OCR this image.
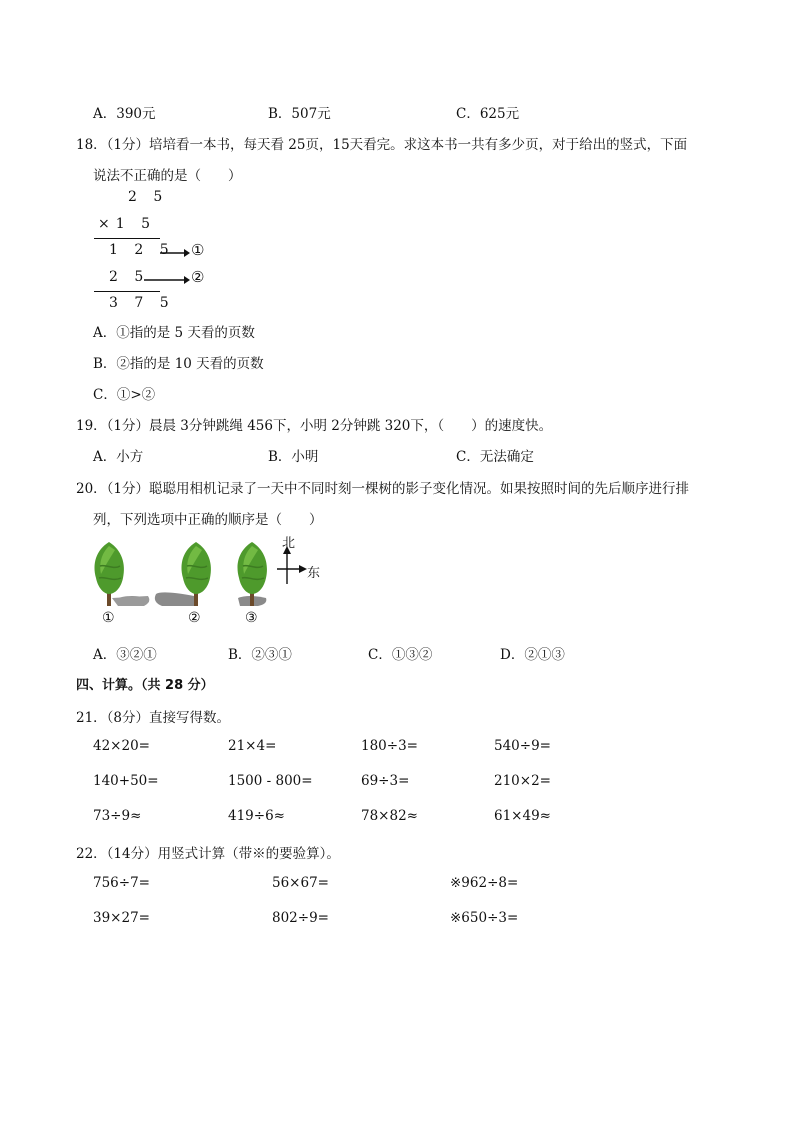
A．390元	B．507元	C．625元
18．（1分）培培看一本书，每天看 25页，15天看完。求这本书一共有多少页，对于给出的竖式，下面
说法不正确的是（　　）
2 5
×1 5
1 2 5 ①
2 5	②
3 7 5
A．①指的是 5 天看的页数
B．②指的是 10 天看的页数
C．①>②
19．（1分）晨晨 3分钟跳绳 456下，小明 2分钟跳 320下，（　　）的速度快。
A．小方	B．小明	C．无法确定
20．（1分）聪聪用相机记录了一天中不同时刻一棵树的影子变化情况。如果按照时间的先后顺序进行排
列，下列选项中正确的顺序是（　　）
北
东
①	②	③
A．③②①	B．②③①	C．①③②	D．②①③
四、计算。（共 28 分）
21．（8分）直接写得数。
42×20=	21×4=	180÷3=	540÷9=
140+50=	1500 - 800=	69÷3=	210×2=
73÷9≈	419÷6≈	78×82≈	61×49≈
22．（14分）用竖式计算（带※的要验算）。
756÷7=	56×67=	※962÷8=
39×27=	802÷9=	※650÷3=
